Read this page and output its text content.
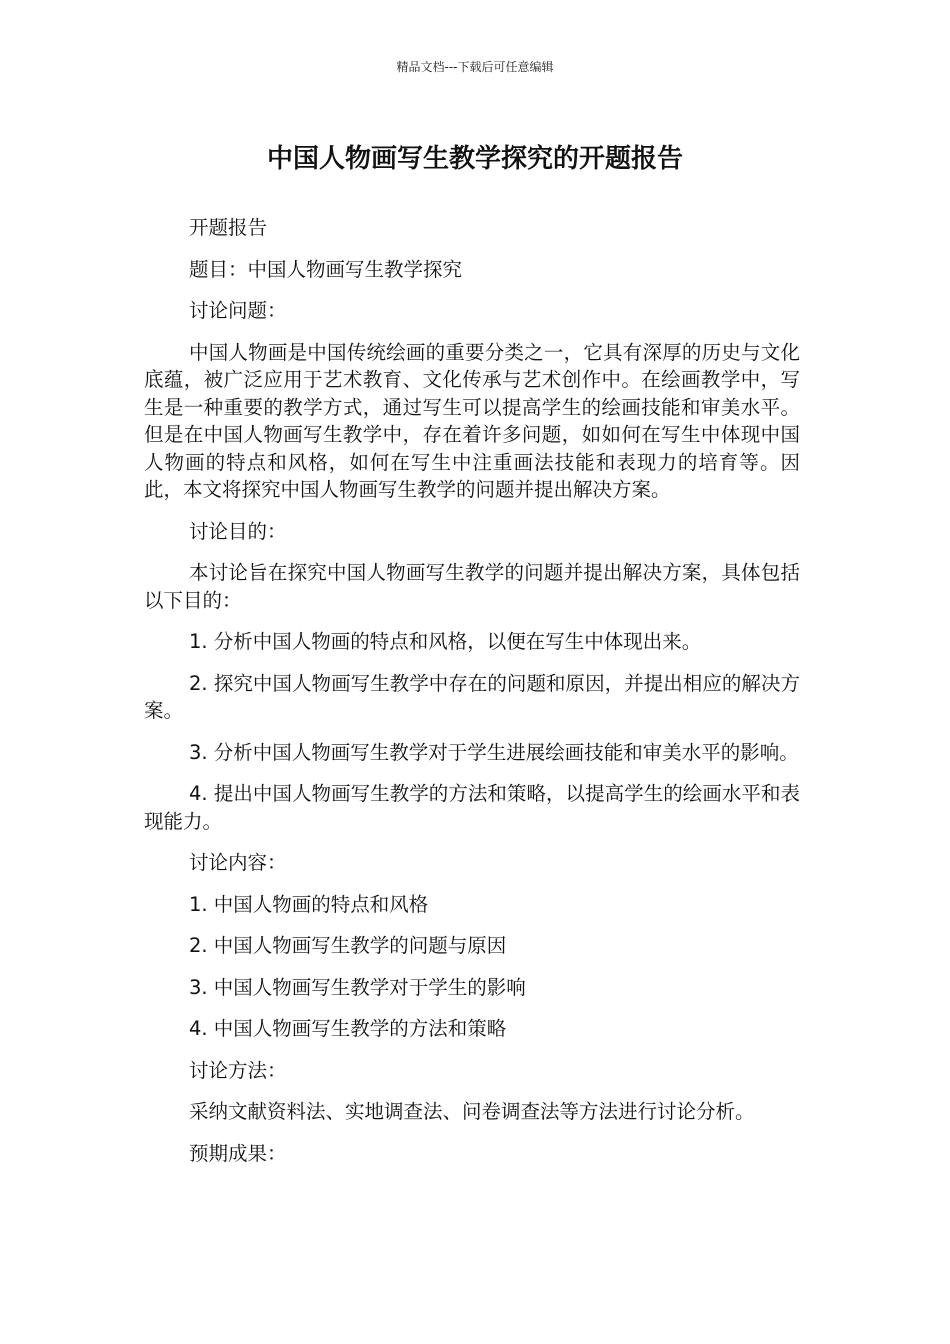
精品文档---下载后可任意编辑
中国人物画写生教学探究的开题报告

开题报告

题目：中国人物画写生教学探究

讨论问题：

中国人物画是中国传统绘画的重要分类之一，它具有深厚的历史与文化底蕴，被广泛应用于艺术教育、文化传承与艺术创作中。在绘画教学中，写生是一种重要的教学方式，通过写生可以提高学生的绘画技能和审美水平。但是在中国人物画写生教学中，存在着许多问题，如如何在写生中体现中国人物画的特点和风格，如何在写生中注重画法技能和表现力的培育等。因此，本文将探究中国人物画写生教学的问题并提出解决方案。

讨论目的：

本讨论旨在探究中国人物画写生教学的问题并提出解决方案，具体包括以下目的：

1. 分析中国人物画的特点和风格，以便在写生中体现出来。

2. 探究中国人物画写生教学中存在的问题和原因，并提出相应的解决方案。

3. 分析中国人物画写生教学对于学生进展绘画技能和审美水平的影响。

4. 提出中国人物画写生教学的方法和策略，以提高学生的绘画水平和表现能力。

讨论内容：

1. 中国人物画的特点和风格

2. 中国人物画写生教学的问题与原因

3. 中国人物画写生教学对于学生的影响

4. 中国人物画写生教学的方法和策略

讨论方法：

采纳文献资料法、实地调查法、问卷调查法等方法进行讨论分析。

预期成果：
